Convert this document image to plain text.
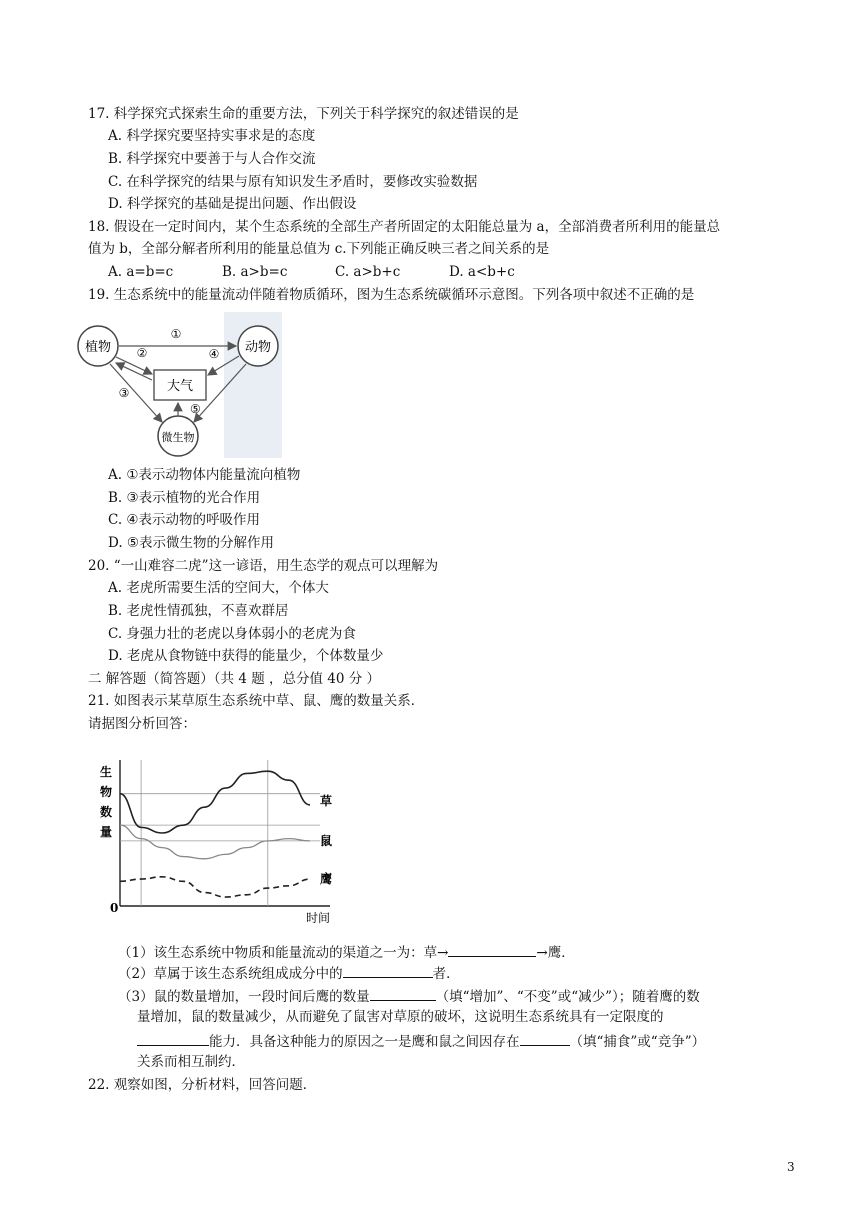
17. 科学探究式探索生命的重要方法，下列关于科学探究的叙述错误的是
A. 科学探究要坚持实事求是的态度
B. 科学探究中要善于与人合作交流
C. 在科学探究的结果与原有知识发生矛盾时，要修改实验数据
D. 科学探究的基础是提出问题、作出假设
18. 假设在一定时间内，某个生态系统的全部生产者所固定的太阳能总量为 a，全部消费者所利用的能量总
值为 b，全部分解者所利用的能量总值为 c.下列能正确反映三者之间关系的是
A. a=b=c	B. a>b=c	C. a>b+c	D. a<b+c
19. 生态系统中的能量流动伴随着物质循环，图为生态系统碳循环示意图。下列各项中叙述不正确的是
植物	动物
微生物
大气
①
②
③
④
⑤
A. ①表示动物体内能量流向植物
B. ③表示植物的光合作用
C. ④表示动物的呼吸作用
D. ⑤表示微生物的分解作用
20. “一山难容二虎”这一谚语，用生态学的观点可以理解为
A. 老虎所需要生活的空间大，个体大
B. 老虎性情孤独，不喜欢群居
C. 身强力壮的老虎以身体弱小的老虎为食
D. 老虎从食物链中获得的能量少，个体数量少
二 解答题（简答题）（共 4 题 ，总分值 40 分 ）
21. 如图表示某草原生态系统中草、鼠、鹰的数量关系．
请据图分析回答：
生
物
数
量
0
时间
草
鼠
鹰
（1）该生态系统中物质和能量流动的渠道之一为：草→	→鹰．
（2）草属于该生态系统组成成分中的	者．
（3）鼠的数量增加，一段时间后鹰的数量	（填“增加”、“不变”或“减少”）；随着鹰的数
量增加，鼠的数量减少，从而避免了鼠害对草原的破坏，这说明生态系统具有一定限度的
能力．具备这种能力的原因之一是鹰和鼠之间因存在	（填“捕食”或“竞争”）
关系而相互制约．
22. 观察如图，分析材料，回答问题．
3
